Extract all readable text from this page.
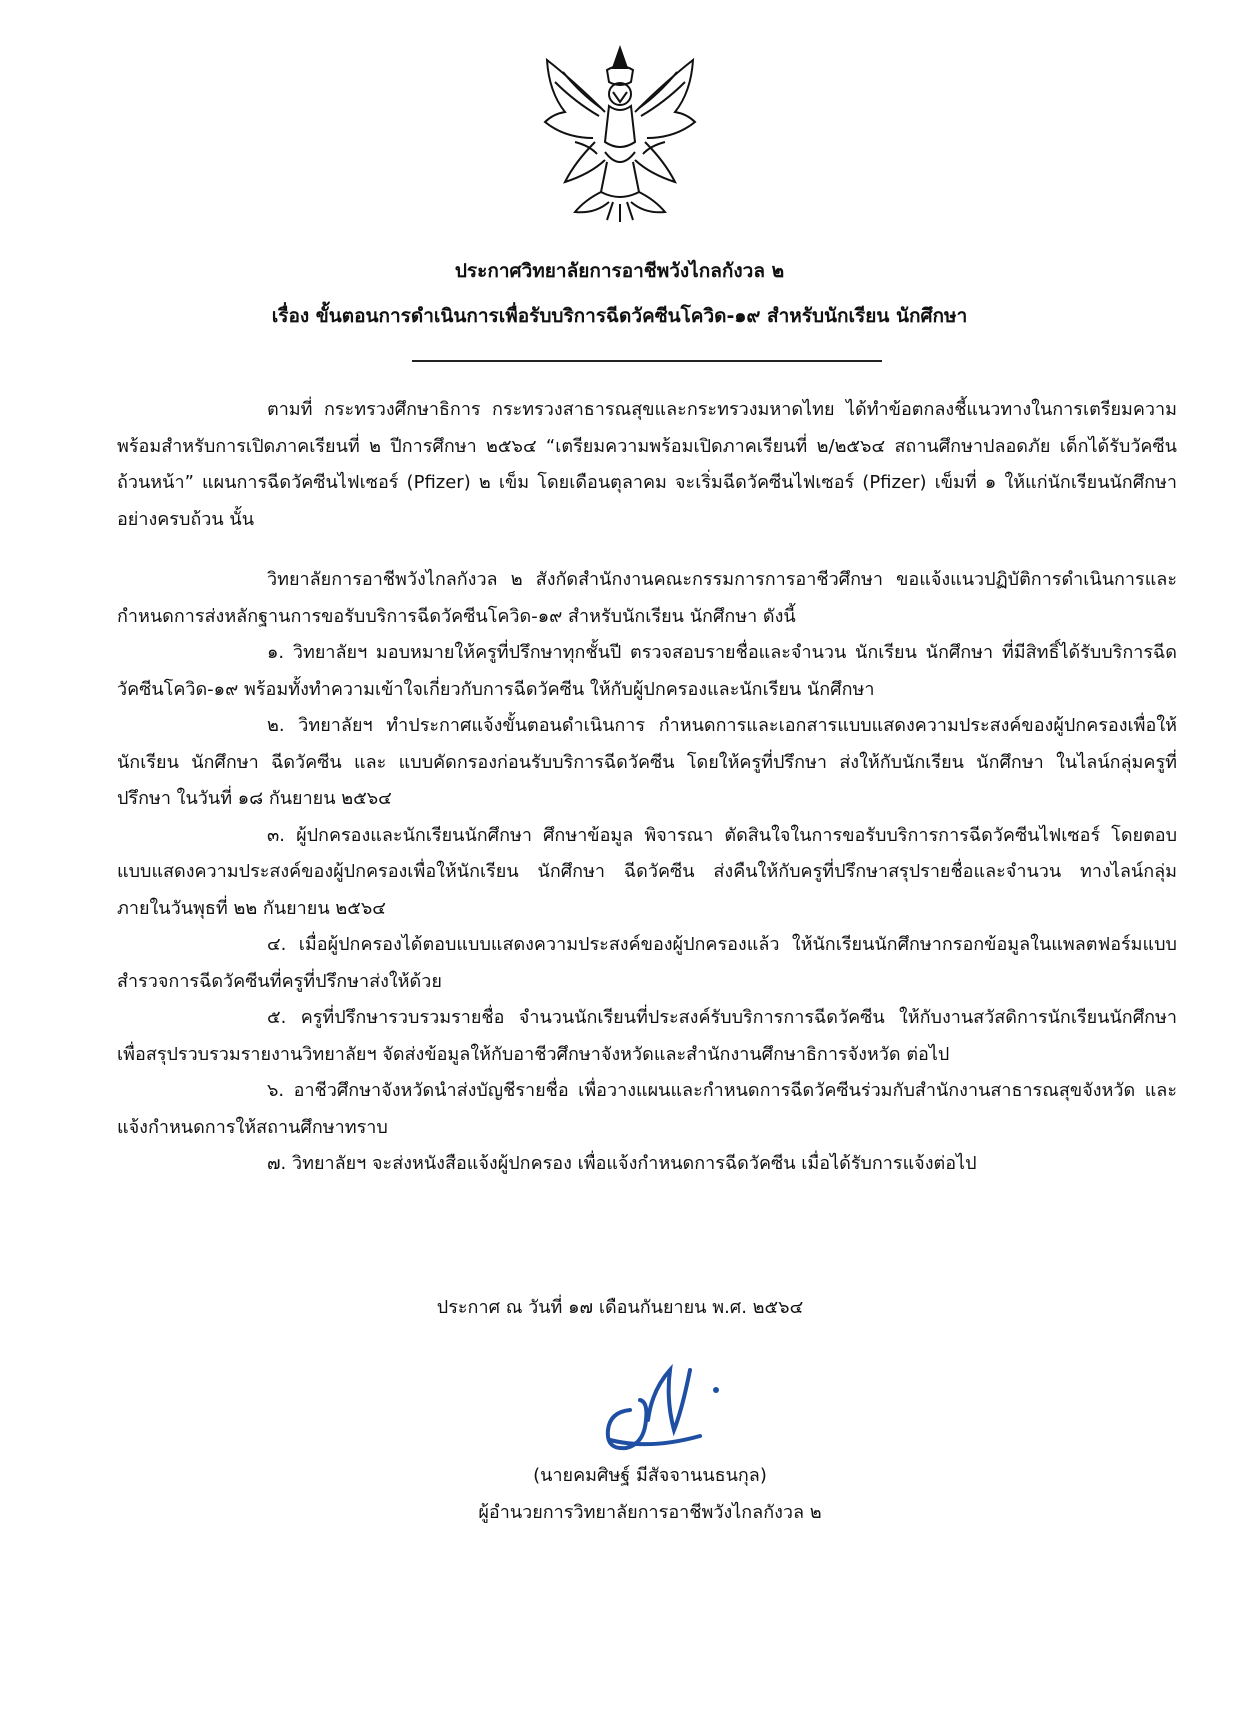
ประกาศวิทยาลัยการอาชีพวังไกลกังวล ๒
เรื่อง ขั้นตอนการดำเนินการเพื่อรับบริการฉีดวัคซีนโควิด-๑๙ สำหรับนักเรียน นักศึกษา

ตามที่ กระทรวงศึกษาธิการ กระทรวงสาธารณสุขและกระทรวงมหาดไทย ได้ทำข้อตกลงชี้แนวทางในการเตรียมความพร้อมสำหรับการเปิดภาคเรียนที่ ๒ ปีการศึกษา ๒๕๖๔ “เตรียมความพร้อมเปิดภาคเรียนที่ ๒/๒๕๖๔ สถานศึกษาปลอดภัย เด็กได้รับวัคซีนถ้วนหน้า” แผนการฉีดวัคซีนไฟเซอร์ (Pfizer) ๒ เข็ม โดยเดือนตุลาคม จะเริ่มฉีดวัคซีนไฟเซอร์ (Pfizer) เข็มที่ ๑ ให้แก่นักเรียนนักศึกษาอย่างครบถ้วน นั้น

วิทยาลัยการอาชีพวังไกลกังวล ๒ สังกัดสำนักงานคณะกรรมการการอาชีวศึกษา ขอแจ้งแนวปฏิบัติการดำเนินการและกำหนดการส่งหลักฐานการขอรับบริการฉีดวัคซีนโควิด-๑๙ สำหรับนักเรียน นักศึกษา ดังนี้

๑. วิทยาลัยฯ มอบหมายให้ครูที่ปรึกษาทุกชั้นปี ตรวจสอบรายชื่อและจำนวน นักเรียน นักศึกษา ที่มีสิทธิ์ได้รับบริการฉีดวัคซีนโควิด-๑๙ พร้อมทั้งทำความเข้าใจเกี่ยวกับการฉีดวัคซีน ให้กับผู้ปกครองและนักเรียน นักศึกษา

๒. วิทยาลัยฯ ทำประกาศแจ้งขั้นตอนดำเนินการ กำหนดการและเอกสารแบบแสดงความประสงค์ของผู้ปกครองเพื่อให้นักเรียน นักศึกษา ฉีดวัคซีน และ แบบคัดกรองก่อนรับบริการฉีดวัคซีน โดยให้ครูที่ปรึกษา ส่งให้กับนักเรียน นักศึกษา ในไลน์กลุ่มครูที่ปรึกษา ในวันที่ ๑๘ กันยายน ๒๕๖๔

๓. ผู้ปกครองและนักเรียนนักศึกษา ศึกษาข้อมูล พิจารณา ตัดสินใจในการขอรับบริการการฉีดวัคซีนไฟเซอร์ โดยตอบแบบแสดงความประสงค์ของผู้ปกครองเพื่อให้นักเรียน นักศึกษา ฉีดวัคซีน ส่งคืนให้กับครูที่ปรึกษาสรุปรายชื่อและจำนวน ทางไลน์กลุ่ม ภายในวันพุธที่ ๒๒ กันยายน ๒๕๖๔

๔. เมื่อผู้ปกครองได้ตอบแบบแสดงความประสงค์ของผู้ปกครองแล้ว ให้นักเรียนนักศึกษากรอกข้อมูลในแพลตฟอร์มแบบสำรวจการฉีดวัคซีนที่ครูที่ปรึกษาส่งให้ด้วย

๕. ครูที่ปรึกษารวบรวมรายชื่อ จำนวนนักเรียนที่ประสงค์รับบริการการฉีดวัคซีน ให้กับงานสวัสดิการนักเรียนนักศึกษา เพื่อสรุปรวบรวมรายงานวิทยาลัยฯ จัดส่งข้อมูลให้กับอาชีวศึกษาจังหวัดและสำนักงานศึกษาธิการจังหวัด ต่อไป

๖. อาชีวศึกษาจังหวัดนำส่งบัญชีรายชื่อ เพื่อวางแผนและกำหนดการฉีดวัคซีนร่วมกับสำนักงานสาธารณสุขจังหวัด และแจ้งกำหนดการให้สถานศึกษาทราบ

๗. วิทยาลัยฯ จะส่งหนังสือแจ้งผู้ปกครอง เพื่อแจ้งกำหนดการฉีดวัคซีน เมื่อได้รับการแจ้งต่อไป

ประกาศ ณ วันที่ ๑๗ เดือนกันยายน พ.ศ. ๒๕๖๔
(นายคมศิษฐ์ มีสัจจานนธนกุล)
ผู้อำนวยการวิทยาลัยการอาชีพวังไกลกังวล ๒
